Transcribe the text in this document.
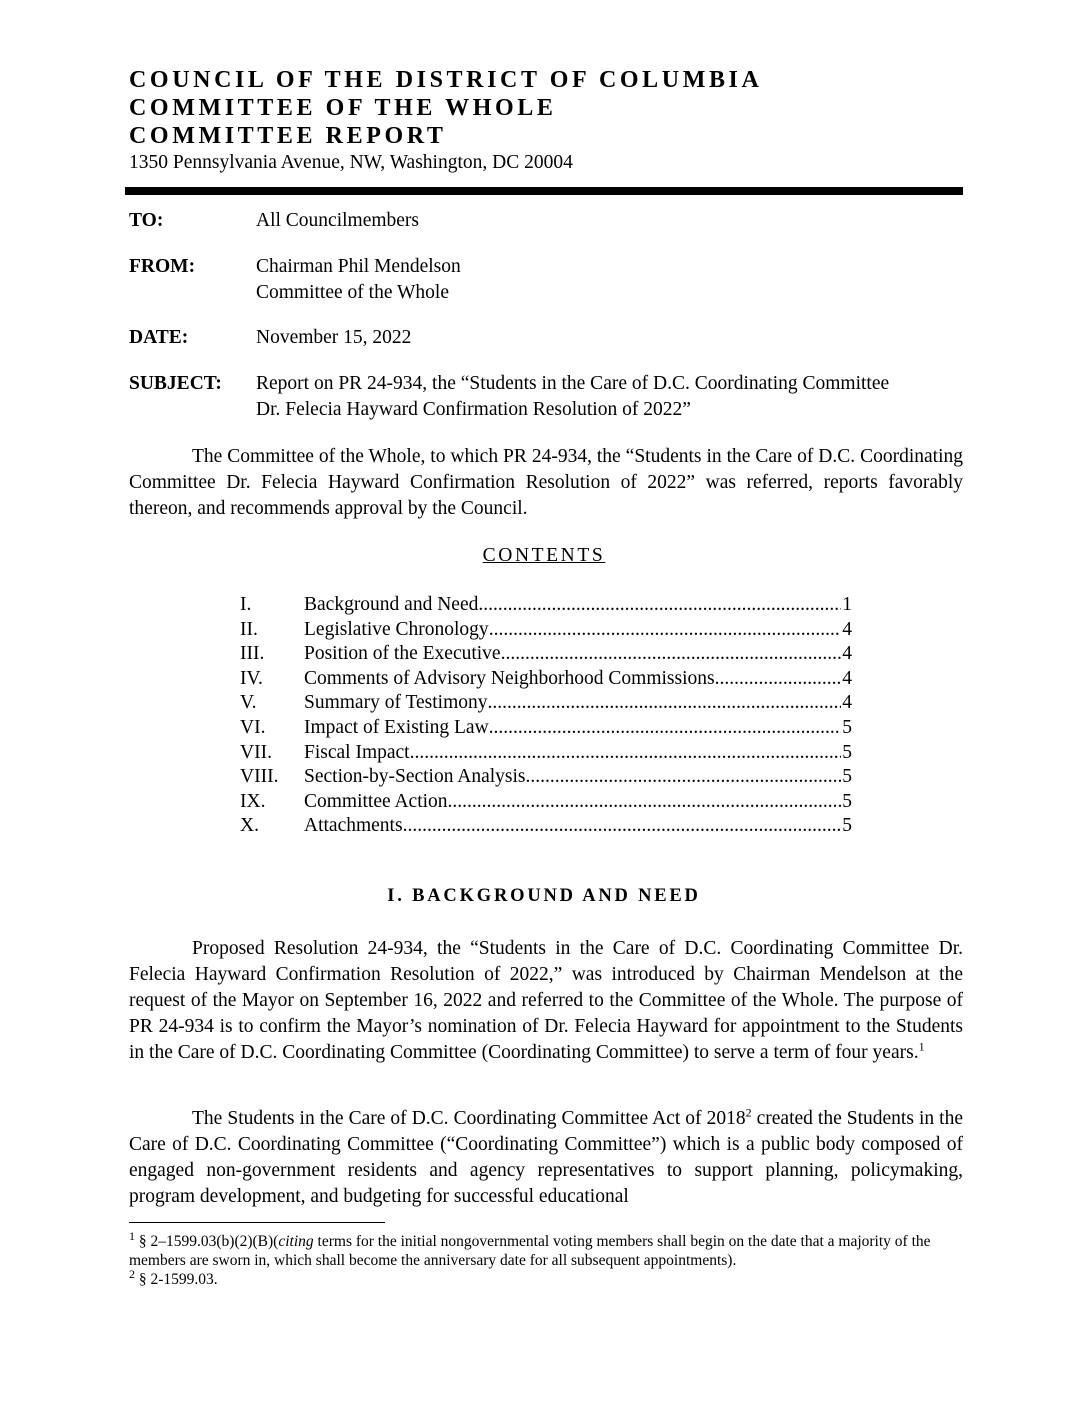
COUNCIL OF THE DISTRICT OF COLUMBIA
COMMITTEE OF THE WHOLE
COMMITTEE REPORT
1350 Pennsylvania Avenue, NW, Washington, DC 20004
TO:	All Councilmembers
FROM:	Chairman Phil Mendelson
Committee of the Whole
DATE:	November 15, 2022
SUBJECT: Report on PR 24-934, the “Students in the Care of D.C. Coordinating Committee
Dr. Felecia Hayward Confirmation Resolution of 2022”
The Committee of the Whole, to which PR 24-934, the “Students in the Care of D.C. Coordinating Committee Dr. Felecia Hayward Confirmation Resolution of 2022” was referred, reports favorably thereon, and recommends approval by the Council.
CONTENTS
I.	Background and Need .....	1
II. Legislative Chronology .....	4
III. Position of the Executive .....	4
IV. Comments of Advisory Neighborhood Commissions .....	4
V. Summary of Testimony .....	4
VI. Impact of Existing Law .....	5
VII. Fiscal Impact .....	5
VIII. Section-by-Section Analysis .....	5
IX. Committee Action .....	5
X. Attachments .....	5
I. BACKGROUND AND NEED
Proposed Resolution 24-934, the “Students in the Care of D.C. Coordinating Committee Dr. Felecia Hayward Confirmation Resolution of 2022,” was introduced by Chairman Mendelson at the request of the Mayor on September 16, 2022 and referred to the Committee of the Whole. The purpose of PR 24-934 is to confirm the Mayor’s nomination of Dr. Felecia Hayward for appointment to the Students in the Care of D.C. Coordinating Committee (Coordinating Committee) to serve a term of four years.$^1$
The Students in the Care of D.C. Coordinating Committee Act of 2018$^2$ created the Students in the Care of D.C. Coordinating Committee (“Coordinating Committee”) which is a public body composed of engaged non-government residents and agency representatives to support planning, policymaking, program development, and budgeting for successful educational
$^1$ § 2–1599.03(b)(2)(B)(citing terms for the initial nongovernmental voting members shall begin on the date that a majority of the members are sworn in, which shall become the anniversary date for all subsequent appointments).
$^2$ § 2-1599.03.
